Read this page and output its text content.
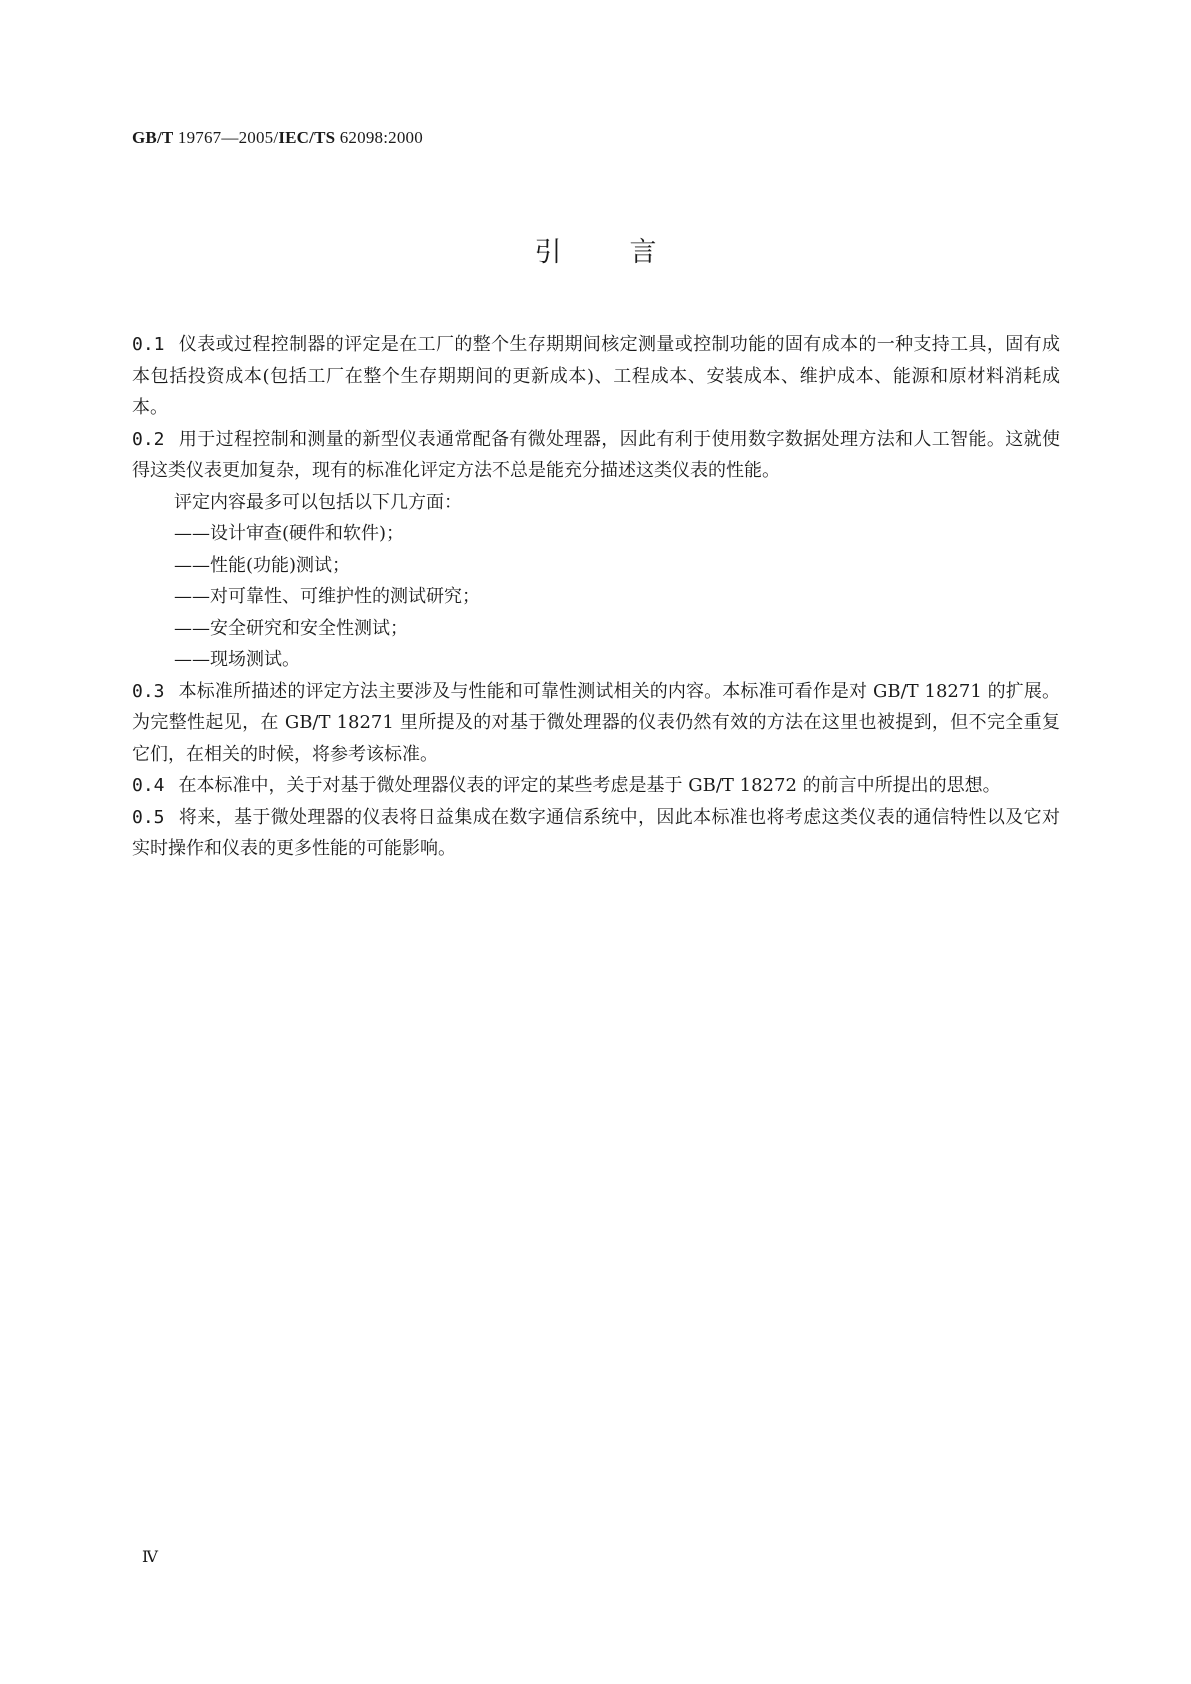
GB/T 19767—2005/IEC/TS 62098:2000
引言

0.1 仪表或过程控制器的评定是在工厂的整个生存期期间核定测量或控制功能的固有成本的一种支持工具，固有成本包括投资成本(包括工厂在整个生存期期间的更新成本)、工程成本、安装成本、维护成本、能源和原材料消耗成本。

0.2 用于过程控制和测量的新型仪表通常配备有微处理器，因此有利于使用数字数据处理方法和人工智能。这就使得这类仪表更加复杂，现有的标准化评定方法不总是能充分描述这类仪表的性能。

评定内容最多可以包括以下几方面：

——设计审查(硬件和软件)；

——性能(功能)测试；

——对可靠性、可维护性的测试研究；

——安全研究和安全性测试；

——现场测试。

0.3 本标准所描述的评定方法主要涉及与性能和可靠性测试相关的内容。本标准可看作是对 GB/T 18271 的扩展。为完整性起见，在 GB/T 18271 里所提及的对基于微处理器的仪表仍然有效的方法在这里也被提到，但不完全重复它们，在相关的时候，将参考该标准。

0.4 在本标准中，关于对基于微处理器仪表的评定的某些考虑是基于 GB/T 18272 的前言中所提出的思想。

0.5 将来，基于微处理器的仪表将日益集成在数字通信系统中，因此本标准也将考虑这类仪表的通信特性以及它对实时操作和仪表的更多性能的可能影响。

Ⅳ
